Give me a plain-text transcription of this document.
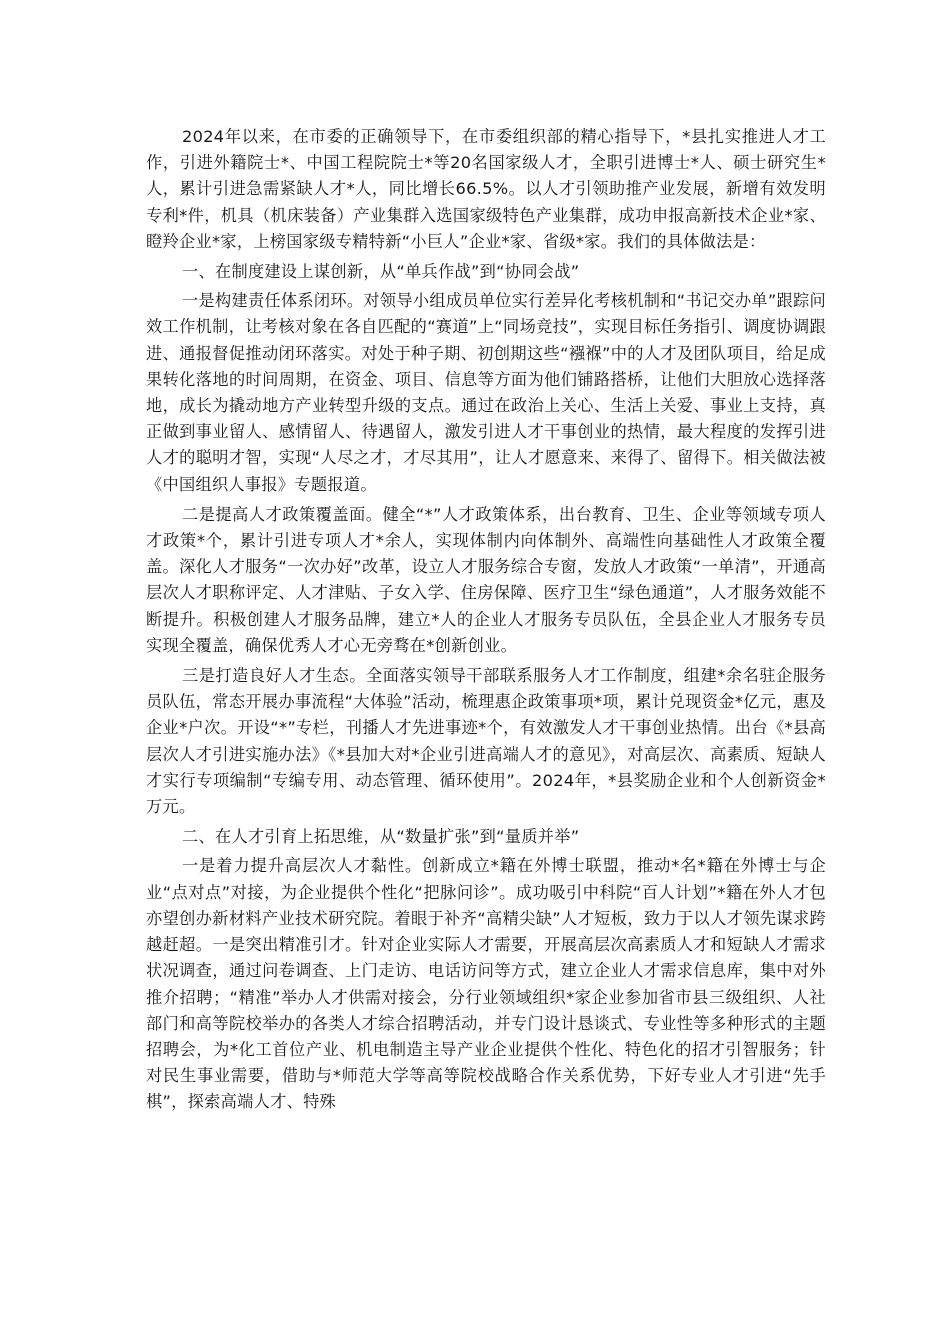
2024年以来，在市委的正确领导下，在市委组织部的精心指导下，*县扎实推进人才工作，引进外籍院士*、中国工程院院士*等20名国家级人才，全职引进博士*人、硕士研究生*人，累计引进急需紧缺人才*人，同比增长66.5%。以人才引领助推产业发展，新增有效发明专利*件，机具（机床装备）产业集群入选国家级特色产业集群，成功申报高新技术企业*家、瞪羚企业*家，上榜国家级专精特新“小巨人”企业*家、省级*家。我们的具体做法是：

一、在制度建设上谋创新，从“单兵作战”到“协同会战”

一是构建责任体系闭环。对领导小组成员单位实行差异化考核机制和“书记交办单”跟踪问效工作机制，让考核对象在各自匹配的“赛道”上“同场竞技”，实现目标任务指引、调度协调跟进、通报督促推动闭环落实。对处于种子期、初创期这些“襁褓”中的人才及团队项目，给足成果转化落地的时间周期，在资金、项目、信息等方面为他们铺路搭桥，让他们大胆放心选择落地，成长为撬动地方产业转型升级的支点。通过在政治上关心、生活上关爱、事业上支持，真正做到事业留人、感情留人、待遇留人，激发引进人才干事创业的热情，最大程度的发挥引进人才的聪明才智，实现“人尽之才，才尽其用”，让人才愿意来、来得了、留得下。相关做法被《中国组织人事报》专题报道。

二是提高人才政策覆盖面。健全“*”人才政策体系，出台教育、卫生、企业等领域专项人才政策*个，累计引进专项人才*余人，实现体制内向体制外、高端性向基础性人才政策全覆盖。深化人才服务“一次办好”改革，设立人才服务综合专窗，发放人才政策“一单清”，开通高层次人才职称评定、人才津贴、子女入学、住房保障、医疗卫生“绿色通道”，人才服务效能不断提升。积极创建人才服务品牌，建立*人的企业人才服务专员队伍，全县企业人才服务专员实现全覆盖，确保优秀人才心无旁骛在*创新创业。

三是打造良好人才生态。全面落实领导干部联系服务人才工作制度，组建*余名驻企服务员队伍，常态开展办事流程“大体验”活动，梳理惠企政策事项*项，累计兑现资金*亿元，惠及企业*户次。开设“*”专栏，刊播人才先进事迹*个，有效激发人才干事创业热情。出台《*县高层次人才引进实施办法》《*县加大对*企业引进高端人才的意见》，对高层次、高素质、短缺人才实行专项编制“专编专用、动态管理、循环使用”。2024年，*县奖励企业和个人创新资金*万元。

二、在人才引育上拓思维，从“数量扩张”到“量质并举”

一是着力提升高层次人才黏性。创新成立*籍在外博士联盟，推动*名*籍在外博士与企业“点对点”对接，为企业提供个性化“把脉问诊”。成功吸引中科院“百人计划”*籍在外人才包亦望创办新材料产业技术研究院。着眼于补齐“高精尖缺”人才短板，致力于以人才领先谋求跨越赶超。一是突出精准引才。针对企业实际人才需要，开展高层次高素质人才和短缺人才需求状况调查，通过问卷调查、上门走访、电话访问等方式，建立企业人才需求信息库，集中对外推介招聘；“精准”举办人才供需对接会，分行业领域组织*家企业参加省市县三级组织、人社部门和高等院校举办的各类人才综合招聘活动，并专门设计恳谈式、专业性等多种形式的主题招聘会，为*化工首位产业、机电制造主导产业企业提供个性化、特色化的招才引智服务；针对民生事业需要，借助与*师范大学等高等院校战略合作关系优势，下好专业人才引进“先手棋”，探索高端人才、特殊
